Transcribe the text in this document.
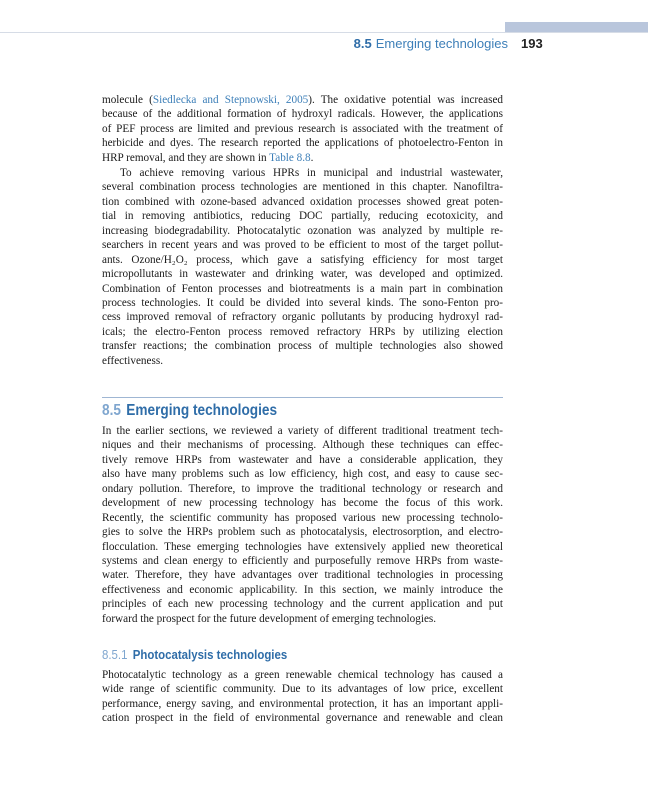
8.5 Emerging technologies 193
molecule (Siedlecka and Stepnowski, 2005). The oxidative potential was increased
because of the additional formation of hydroxyl radicals. However, the applications
of PEF process are limited and previous research is associated with the treatment of
herbicide and dyes. The research reported the applications of photoelectro-Fenton in
HRP removal, and they are shown in Table 8.8.
To achieve removing various HPRs in municipal and industrial wastewater,
several combination process technologies are mentioned in this chapter. Nanofiltra-
tion combined with ozone-based advanced oxidation processes showed great poten-
tial in removing antibiotics, reducing DOC partially, reducing ecotoxicity, and
increasing biodegradability. Photocatalytic ozonation was analyzed by multiple re-
searchers in recent years and was proved to be efficient to most of the target pollut-
ants. Ozone/H₂O₂ process, which gave a satisfying efficiency for most target
micropollutants in wastewater and drinking water, was developed and optimized.
Combination of Fenton processes and biotreatments is a main part in combination
process technologies. It could be divided into several kinds. The sono-Fenton pro-
cess improved removal of refractory organic pollutants by producing hydroxyl rad-
icals; the electro-Fenton process removed refractory HRPs by utilizing election
transfer reactions; the combination process of multiple technologies also showed
effectiveness.
8.5 Emerging technologies
In the earlier sections, we reviewed a variety of different traditional treatment tech-
niques and their mechanisms of processing. Although these techniques can effec-
tively remove HRPs from wastewater and have a considerable application, they
also have many problems such as low efficiency, high cost, and easy to cause sec-
ondary pollution. Therefore, to improve the traditional technology or research and
development of new processing technology has become the focus of this work.
Recently, the scientific community has proposed various new processing technolo-
gies to solve the HRPs problem such as photocatalysis, electrosorption, and electro-
flocculation. These emerging technologies have extensively applied new theoretical
systems and clean energy to efficiently and purposefully remove HRPs from waste-
water. Therefore, they have advantages over traditional technologies in processing
effectiveness and economic applicability. In this section, we mainly introduce the
principles of each new processing technology and the current application and put
forward the prospect for the future development of emerging technologies.
8.5.1 Photocatalysis technologies
Photocatalytic technology as a green renewable chemical technology has caused a
wide range of scientific community. Due to its advantages of low price, excellent
performance, energy saving, and environmental protection, it has an important appli-
cation prospect in the field of environmental governance and renewable and clean
